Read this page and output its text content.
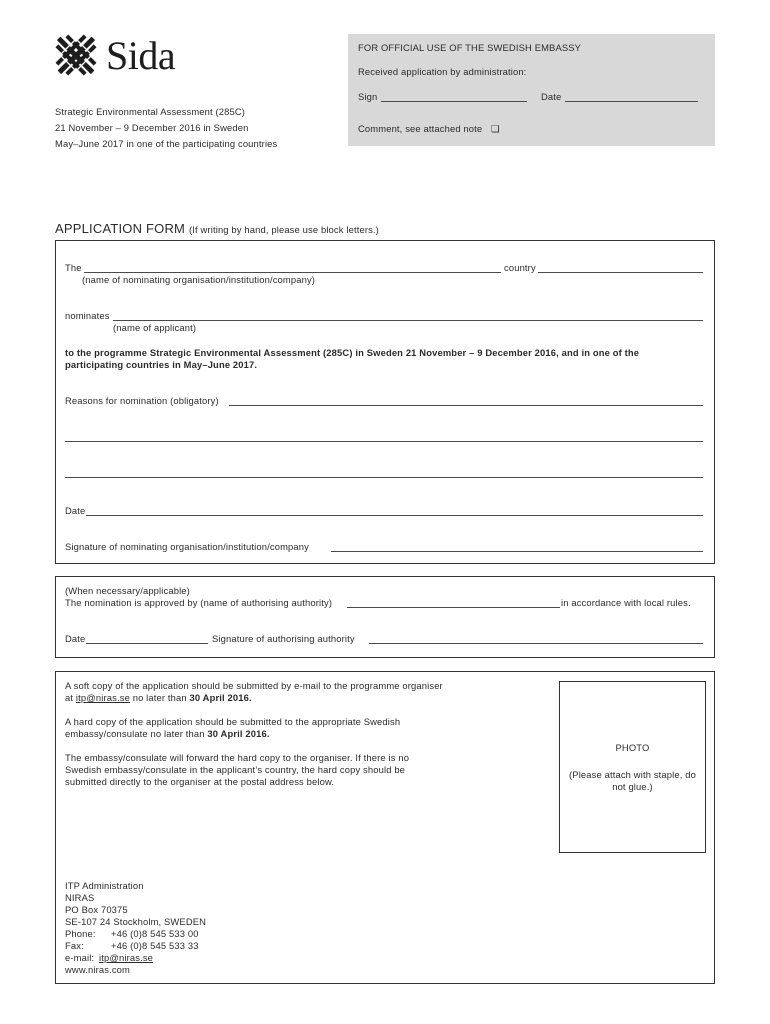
Sida
Strategic Environmental Assessment (285C)
21 November – 9 December 2016 in Sweden
May–June 2017 in one of the participating countries
FOR OFFICIAL USE OF THE SWEDISH EMBASSY
Received application by administration:
Sign	Date
Comment, see attached note ❏
APPLICATION FORM (If writing by hand, please use block letters.)
The	country
(name of nominating organisation/institution/company)
nominates
(name of applicant)
to the programme Strategic Environmental Assessment (285C) in Sweden 21 November – 9 December 2016, and in one of the participating countries in May–June 2017.
Reasons for nomination (obligatory)
Date
Signature of nominating organisation/institution/company
(When necessary/applicable)
The nomination is approved by (name of authorising authority)	in accordance with local rules.
Date	Signature of authorising authority
A soft copy of the application should be submitted by e-mail to the programme organiser at itp@niras.se no later than 30 April 2016.
A hard copy of the application should be submitted to the appropriate Swedish embassy/consulate no later than 30 April 2016.
The embassy/consulate will forward the hard copy to the organiser. If there is no Swedish embassy/consulate in the applicant’s country, the hard copy should be submitted directly to the organiser at the postal address below.
PHOTO
(Please attach with staple, do not glue.)
ITP Administration
NIRAS
PO Box 70375
SE-107 24 Stockholm, SWEDEN
Phone: +46 (0)8 545 533 00
Fax:	+46 (0)8 545 533 33
e-mail: itp@niras.se
www.niras.com
